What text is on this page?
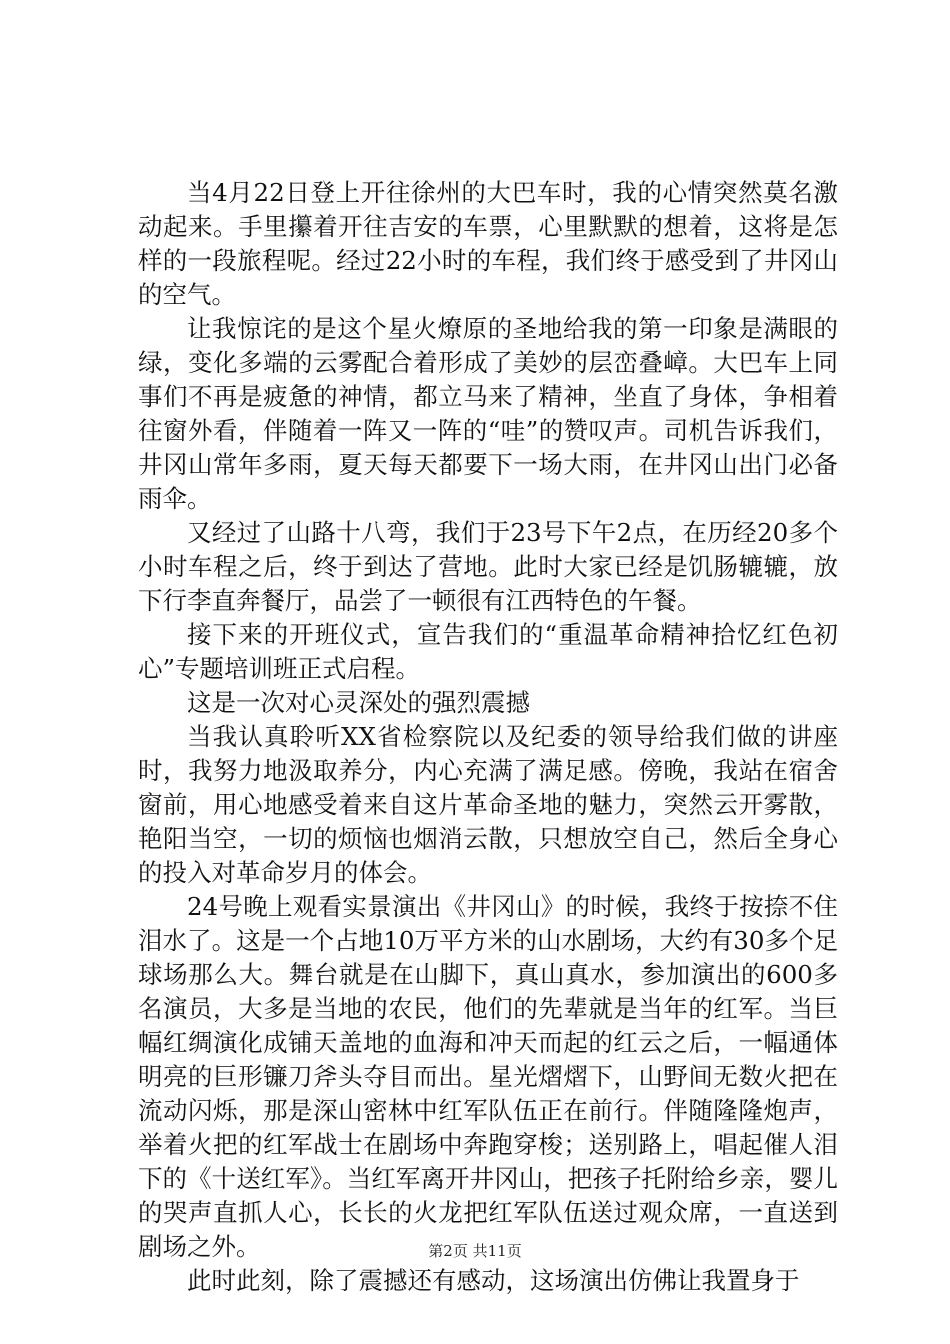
当4月22日登上开往徐州的大巴车时，我的心情突然莫名激动起来。手里攥着开往吉安的车票，心里默默的想着，这将是怎样的一段旅程呢。经过22小时的车程，我们终于感受到了井冈山的空气。

让我惊诧的是这个星火燎原的圣地给我的第一印象是满眼的绿，变化多端的云雾配合着形成了美妙的层峦叠嶂。大巴车上同事们不再是疲惫的神情，都立马来了精神，坐直了身体，争相着往窗外看，伴随着一阵又一阵的“哇”的赞叹声。司机告诉我们，井冈山常年多雨，夏天每天都要下一场大雨，在井冈山出门必备雨伞。

又经过了山路十八弯，我们于23号下午2点，在历经20多个小时车程之后，终于到达了营地。此时大家已经是饥肠辘辘，放下行李直奔餐厅，品尝了一顿很有江西特色的午餐。

接下来的开班仪式，宣告我们的“重温革命精神拾忆红色初心”专题培训班正式启程。

这是一次对心灵深处的强烈震撼

当我认真聆听XX省检察院以及纪委的领导给我们做的讲座时，我努力地汲取养分，内心充满了满足感。傍晚，我站在宿舍窗前，用心地感受着来自这片革命圣地的魅力，突然云开雾散，艳阳当空，一切的烦恼也烟消云散，只想放空自己，然后全身心的投入对革命岁月的体会。

24号晚上观看实景演出《井冈山》的时候，我终于按捺不住泪水了。这是一个占地10万平方米的山水剧场，大约有30多个足球场那么大。舞台就是在山脚下，真山真水，参加演出的600多名演员，大多是当地的农民，他们的先辈就是当年的红军。当巨幅红绸演化成铺天盖地的血海和冲天而起的红云之后，一幅通体明亮的巨形镰刀斧头夺目而出。星光熠熠下，山野间无数火把在流动闪烁，那是深山密林中红军队伍正在前行。伴随隆隆炮声，举着火把的红军战士在剧场中奔跑穿梭；送别路上，唱起催人泪下的《十送红军》。当红军离开井冈山，把孩子托附给乡亲，婴儿的哭声直抓人心，长长的火龙把红军队伍送过观众席，一直送到剧场之外。

此时此刻，除了震撼还有感动，这场演出仿佛让我置身于

第2页 共11页
